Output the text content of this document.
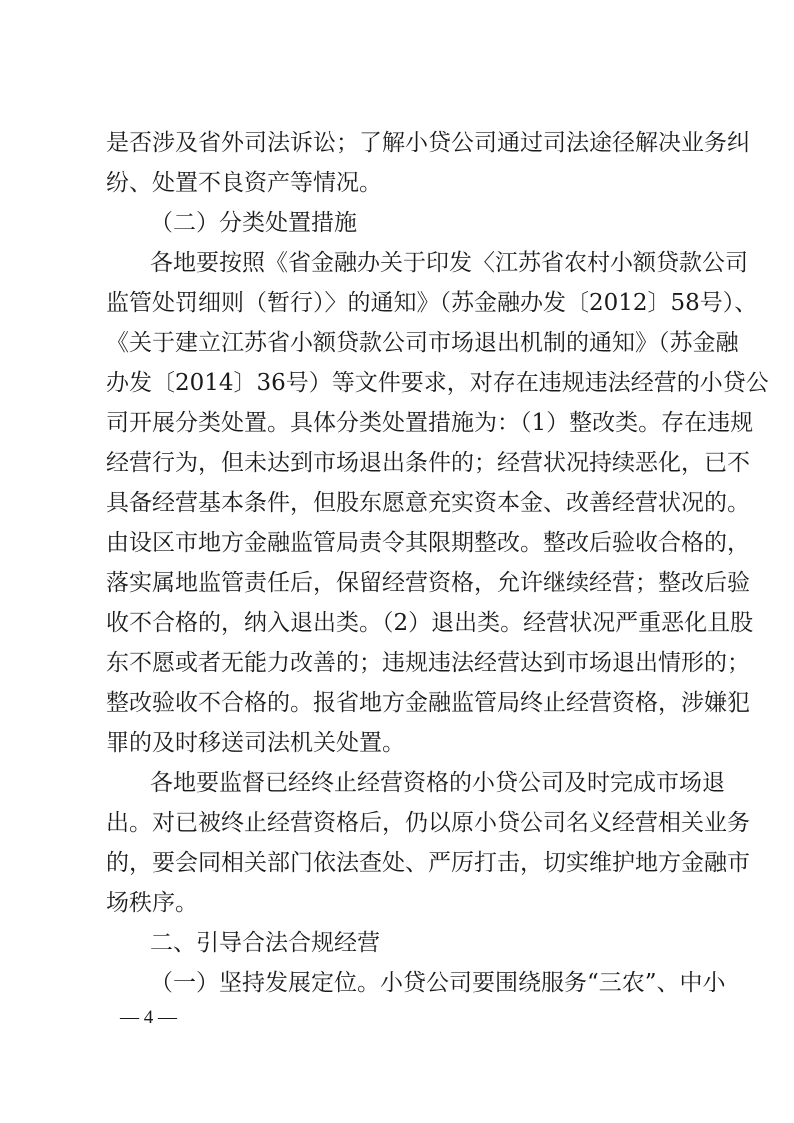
是否涉及省外司法诉讼；了解小贷公司通过司法途径解决业务纠
纷、处置不良资产等情况。
（二）分类处置措施
各地要按照《省金融办关于印发〈江苏省农村小额贷款公司
监管处罚细则（暂行）〉的通知》（苏金融办发〔2012〕58号）、
《关于建立江苏省小额贷款公司市场退出机制的通知》（苏金融
办发〔2014〕36号）等文件要求，对存在违规违法经营的小贷公
司开展分类处置。具体分类处置措施为：（1）整改类。存在违规
经营行为，但未达到市场退出条件的；经营状况持续恶化，已不
具备经营基本条件，但股东愿意充实资本金、改善经营状况的。
由设区市地方金融监管局责令其限期整改。整改后验收合格的，
落实属地监管责任后，保留经营资格，允许继续经营；整改后验
收不合格的，纳入退出类。（2）退出类。经营状况严重恶化且股
东不愿或者无能力改善的；违规违法经营达到市场退出情形的；
整改验收不合格的。报省地方金融监管局终止经营资格，涉嫌犯
罪的及时移送司法机关处置。
各地要监督已经终止经营资格的小贷公司及时完成市场退
出。对已被终止经营资格后，仍以原小贷公司名义经营相关业务
的，要会同相关部门依法查处、严厉打击，切实维护地方金融市
场秩序。
二、引导合法合规经营
（一）坚持发展定位。小贷公司要围绕服务“三农”、中小
— 4 —
